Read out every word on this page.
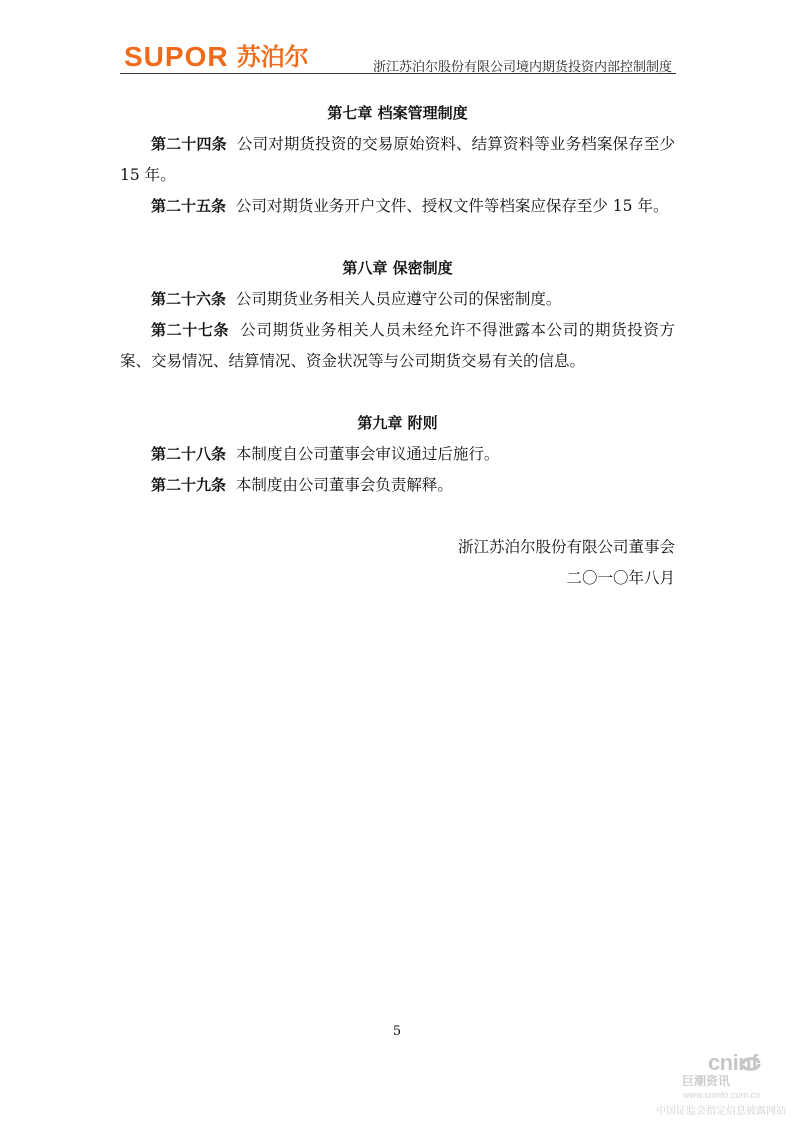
SUPOR 苏泊尔	浙江苏泊尔股份有限公司境内期货投资内部控制制度

第七章 档案管理制度

第二十四条 公司对期货投资的交易原始资料、结算资料等业务档案保存至少 15 年。

第二十五条 公司对期货业务开户文件、授权文件等档案应保存至少 15 年。

第八章 保密制度

第二十六条 公司期货业务相关人员应遵守公司的保密制度。

第二十七条 公司期货业务相关人员未经允许不得泄露本公司的期货投资方案、交易情况、结算情况、资金状况等与公司期货交易有关的信息。

第九章 附则

第二十八条 本制度自公司董事会审议通过后施行。

第二十九条 本制度由公司董事会负责解释。

浙江苏泊尔股份有限公司董事会

二〇一〇年八月

5
cninf
巨潮资讯
www.cninfo.com.cn
中国证监会指定信息披露网站
